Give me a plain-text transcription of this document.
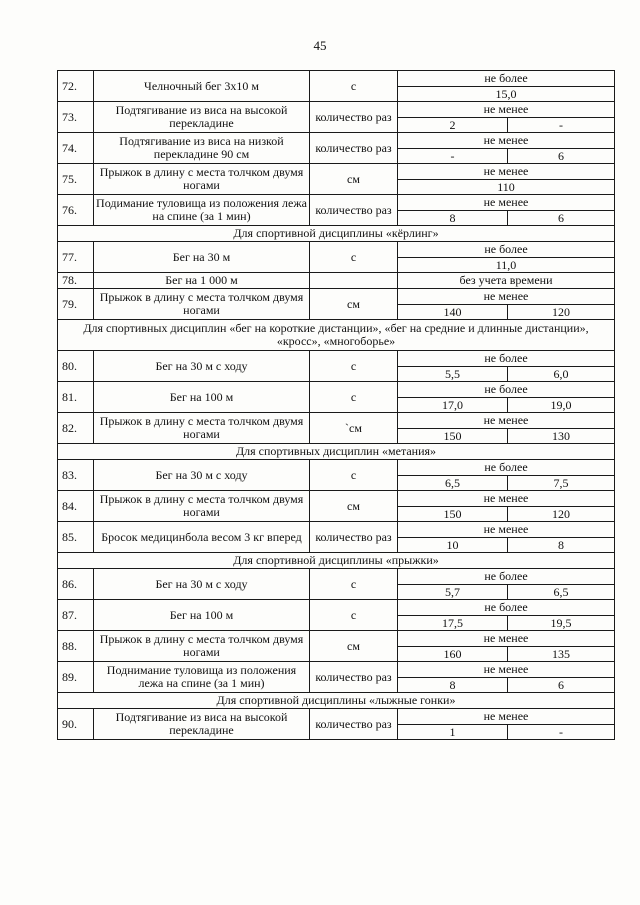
45
72.	Челночный бег 3х10 м	с	не более	
			15,0	
73.	Подтягивание из виса на высокой перекладине	количество раз	не менее	
			2	-
74.	Подтягивание из виса на низкой перекладине 90 см	количество раз	не менее	
			-	6
75.	Прыжок в длину с места толчком двумя ногами	см	не менее	
			110	
76.	Подимание туловища из положения лежа на спине (за 1 мин)	количество раз	не менее	
			8	6
Для спортивной дисциплины «кёрлинг»				
77.	Бег на 30 м	с	не более	
			11,0	
78.	Бег на 1 000 м		без учета времени	
79.	Прыжок в длину с места толчком двумя ногами	см	не менее	
			140	120
Для спортивных дисциплин «бег на короткие дистанции», «бег на средние и длинные дистанции», «кросс», «многоборье»				
80.	Бег на 30 м с ходу	с	не более	
			5,5	6,0
81.	Бег на 100 м	с	не более	
			17,0	19,0
82.	Прыжок в длину с места толчком двумя ногами	`см	не менее	
			150	130
Для спортивных дисциплин «метания»				
83.	Бег на 30 м с ходу	с	не более	
			6,5	7,5
84.	Прыжок в длину с места толчком двумя ногами	см	не менее	
			150	120
85.	Бросок медицинбола весом 3 кг вперед	количество раз	не менее	
			10	8
Для спортивной дисциплины «прыжки»				
86.	Бег на 30 м с ходу	с	не более	
			5,7	6,5
87.	Бег на 100 м	с	не более	
			17,5	19,5
88.	Прыжок в длину с места толчком двумя ногами	см	не менее	
			160	135
89.	Поднимание туловища из положения лежа на спине (за 1 мин)	количество раз	не менее	
			8	6
Для спортивной дисциплины «лыжные гонки»				
90.	Подтягивание из виса на высокой перекладине	количество раз	не менее	
			1	-
